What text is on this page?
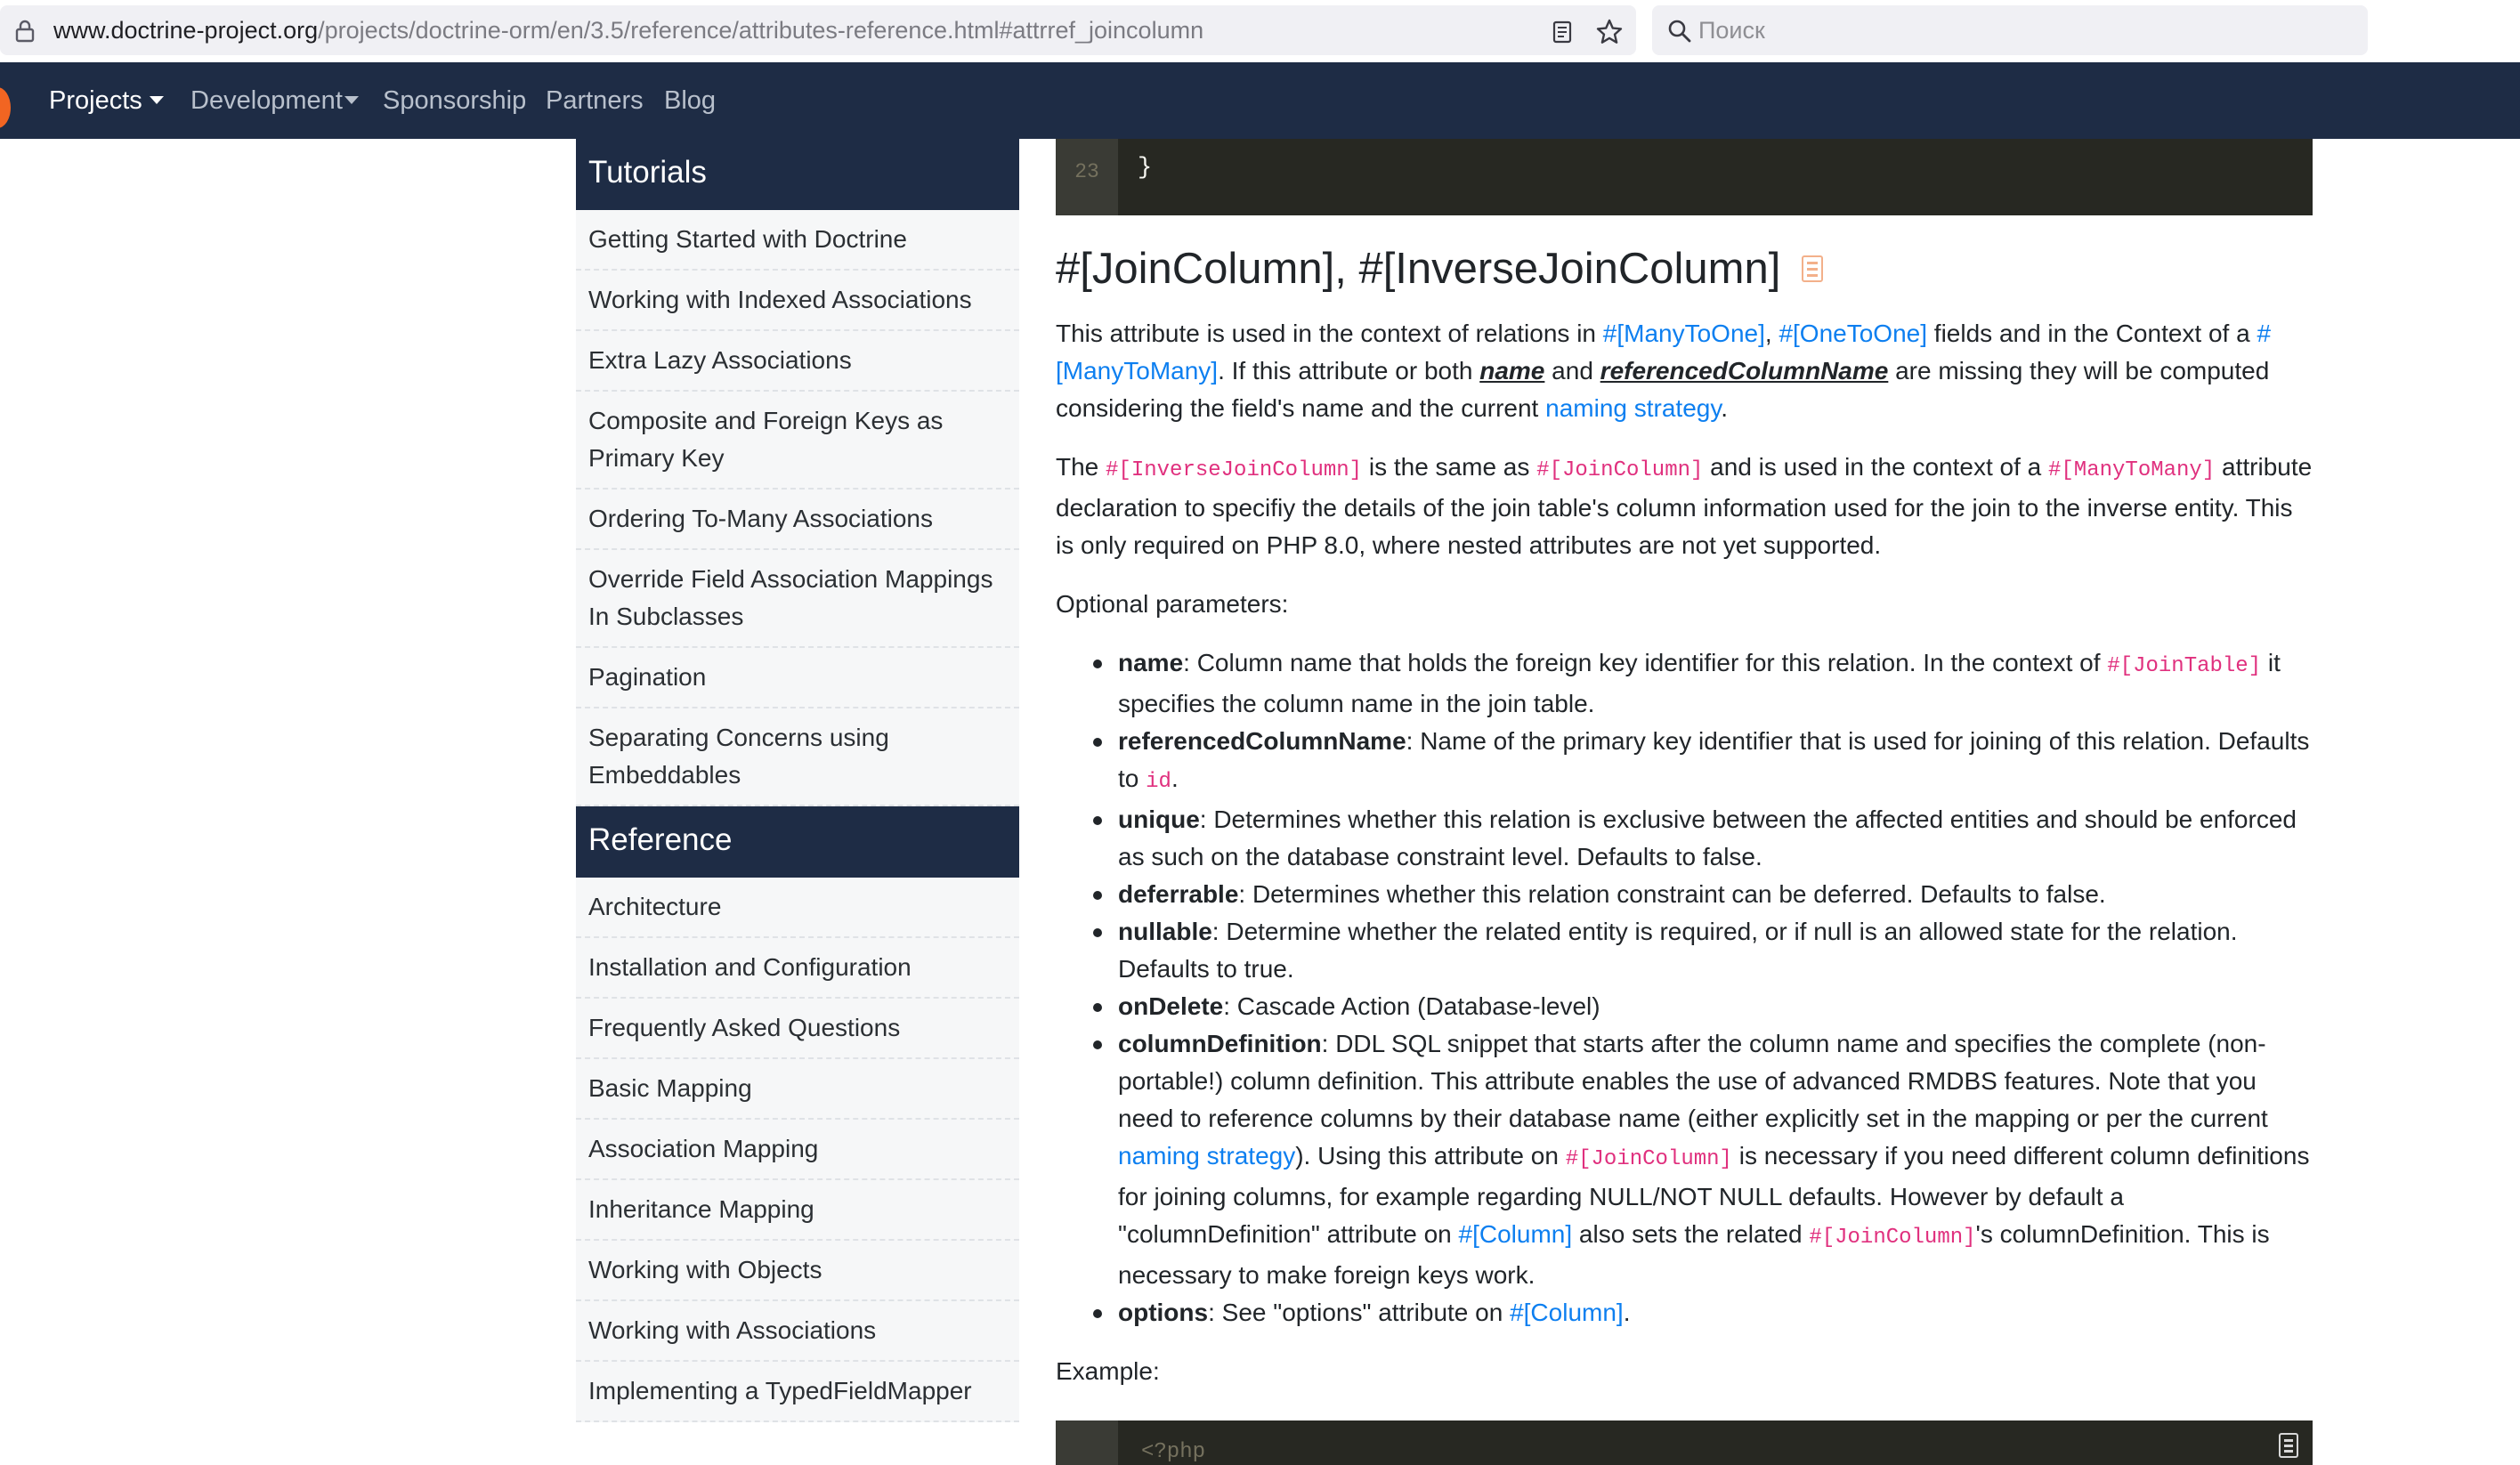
www.doctrine-project.org/projects/doctrine-orm/en/3.5/reference/attributes-reference.html#attrref_joincolumn
Поиск
Projects	Development	Sponsorship Partners Blog
Tutorials
Getting Started with Doctrine
Working with Indexed Associations
Extra Lazy Associations
Composite and Foreign Keys as Primary Key
Ordering To-Many Associations
Override Field Association Mappings In Subclasses
Pagination
Separating Concerns using Embeddables
Reference
Architecture
Installation and Configuration
Frequently Asked Questions
Basic Mapping
Association Mapping
Inheritance Mapping
Working with Objects
Working with Associations
Implementing a TypedFieldMapper
23	}
#[JoinColumn], #[InverseJoinColumn]

This attribute is used in the context of relations in #[ManyToOne], #[OneToOne] fields and in the Context of a #[ManyToMany]. If this attribute or both name and referencedColumnName are missing they will be computed considering the field's name and the current naming strategy.

The #[InverseJoinColumn] is the same as #[JoinColumn] and is used in the context of a #[ManyToMany] attribute declaration to specifiy the details of the join table's column information used for the join to the inverse entity. This is only required on PHP 8.0, where nested attributes are not yet supported.

Optional parameters:

name: Column name that holds the foreign key identifier for this relation. In the context of #[JoinTable] it specifies the column name in the join table.
referencedColumnName: Name of the primary key identifier that is used for joining of this relation. Defaults to id.
unique: Determines whether this relation is exclusive between the affected entities and should be enforced as such on the database constraint level. Defaults to false.
deferrable: Determines whether this relation constraint can be deferred. Defaults to false.
nullable: Determine whether the related entity is required, or if null is an allowed state for the relation. Defaults to true.
onDelete: Cascade Action (Database-level)
columnDefinition: DDL SQL snippet that starts after the column name and specifies the complete (non-portable!) column definition. This attribute enables the use of advanced RMDBS features. Note that you need to reference columns by their database name (either explicitly set in the mapping or per the current naming strategy). Using this attribute on #[JoinColumn] is necessary if you need different column definitions for joining columns, for example regarding NULL/NOT NULL defaults. However by default a "columnDefinition" attribute on #[Column] also sets the related #[JoinColumn]'s columnDefinition. This is necessary to make foreign keys work.
options: See "options" attribute on #[Column].

Example:

<?php
